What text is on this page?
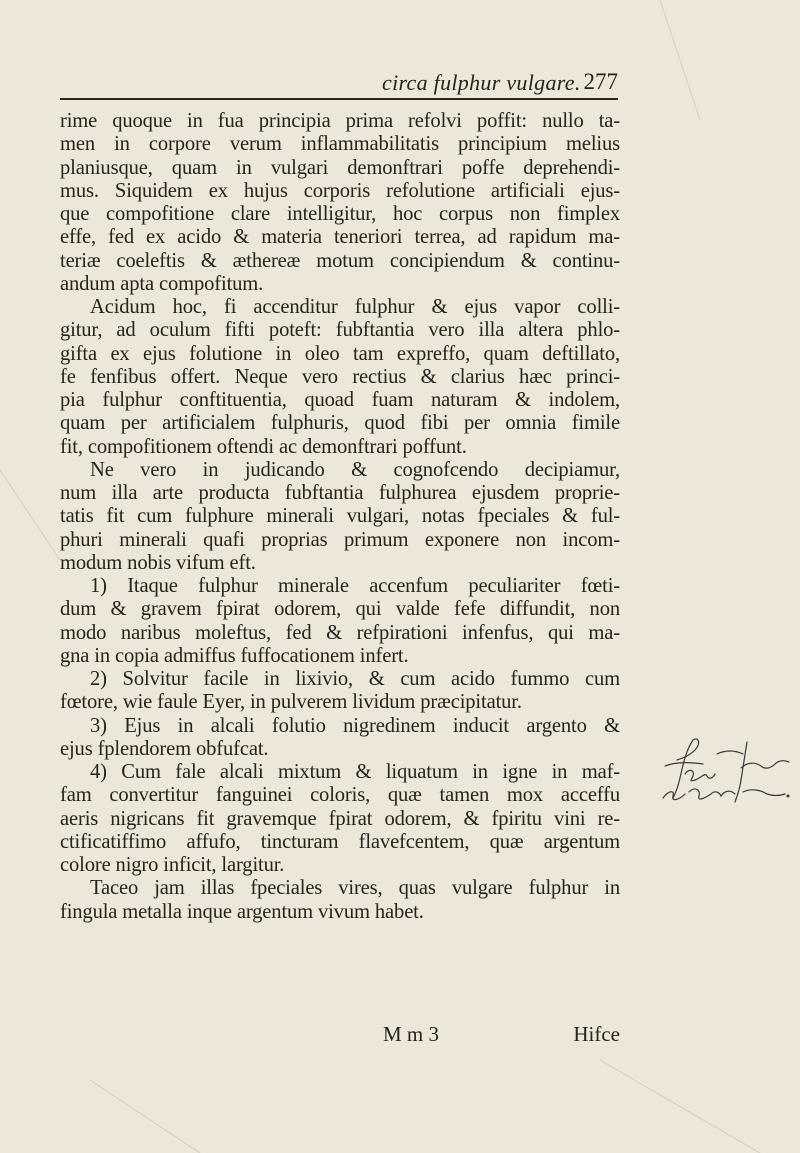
circa fulphur vulgare. 277
rime quoque in fua principia prima refolvi poffit: nullo ta-
men in corpore verum inflammabilitatis principium melius
planiusque, quam in vulgari demonftrari poffe deprehendi-
mus. Siquidem ex hujus corporis refolutione artificiali ejus-
que compofitione clare intelligitur, hoc corpus non fimplex
effe, fed ex acido & materia teneriori terrea, ad rapidum ma-
teriæ coeleftis & æthereæ motum concipiendum & continu-
andum apta compofitum.
Acidum hoc, fi accenditur fulphur & ejus vapor colli-
gitur, ad oculum fifti poteft: fubftantia vero illa altera phlo-
gifta ex ejus folutione in oleo tam expreffo, quam deftillato,
fe fenfibus offert. Neque vero rectius & clarius hæc princi-
pia fulphur conftituentia, quoad fuam naturam & indolem,
quam per artificialem fulphuris, quod fibi per omnia fimile
fit, compofitionem oftendi ac demonftrari poffunt.
Ne vero in judicando & cognofcendo decipiamur,
num illa arte producta fubftantia fulphurea ejusdem proprie-
tatis fit cum fulphure minerali vulgari, notas fpeciales & ful-
phuri minerali quafi proprias primum exponere non incom-
modum nobis vifum eft.
1) Itaque fulphur minerale accenfum peculiariter fœti-
dum & gravem fpirat odorem, qui valde fefe diffundit, non
modo naribus moleftus, fed & refpirationi infenfus, qui ma-
gna in copia admiffus fuffocationem infert.
2) Solvitur facile in lixivio, & cum acido fummo cum
fœtore, wie faule Eyer, in pulverem lividum præcipitatur.
3) Ejus in alcali folutio nigredinem inducit argento &
ejus fplendorem obfufcat.
4) Cum fale alcali mixtum & liquatum in igne in maf-
fam convertitur fanguinei coloris, quæ tamen mox acceffu
aeris nigricans fit gravemque fpirat odorem, & fpiritu vini re-
ctificatiffimo affufo, tincturam flavefcentem, quæ argentum
colore nigro inficit, largitur.
Taceo jam illas fpeciales vires, quas vulgare fulphur in
fingula metalla inque argentum vivum habet.
M m 3	Hifce
